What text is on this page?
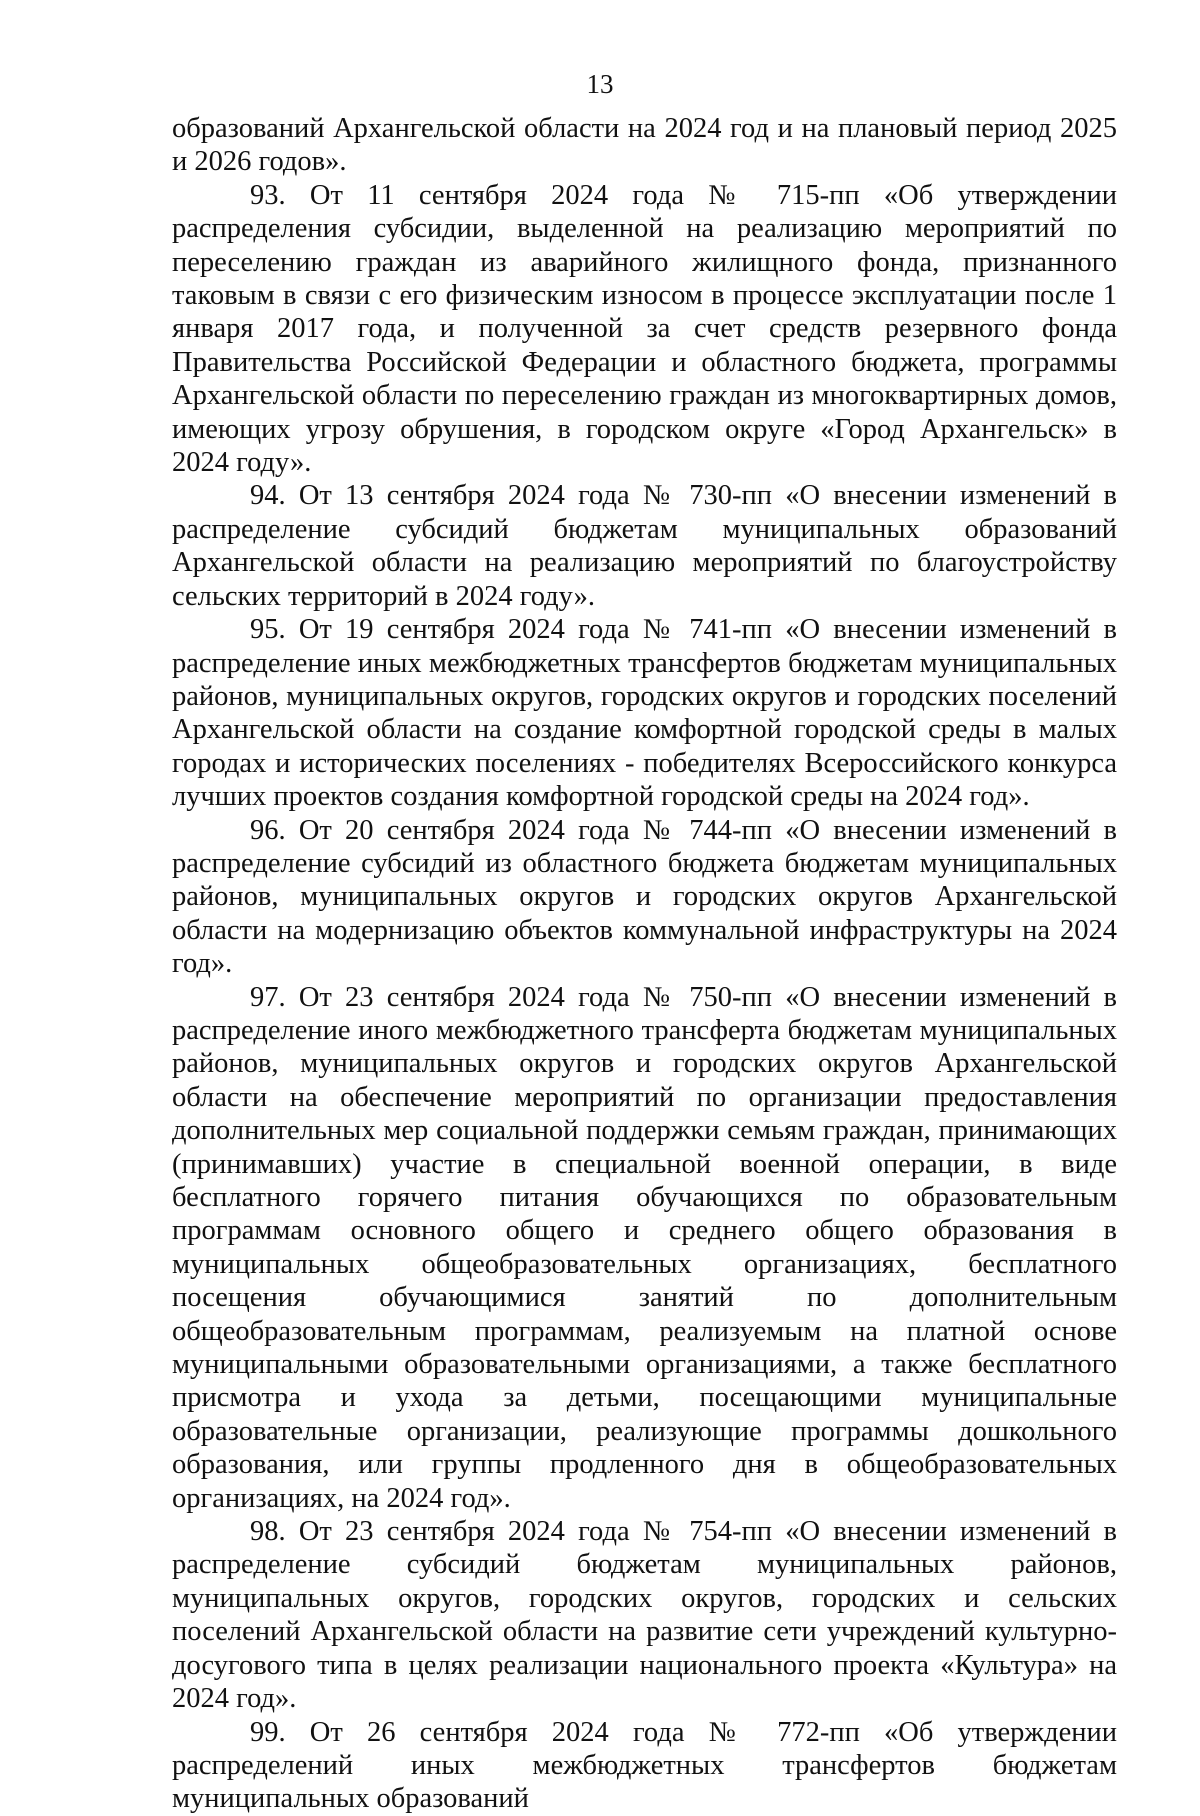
13

образований Архангельской области на 2024 год и на плановый период 2025 и 2026 годов».

93. От 11 сентября 2024 года № 715-пп «Об утверждении распределения субсидии, выделенной на реализацию мероприятий по переселению граждан из аварийного жилищного фонда, признанного таковым в связи с его физическим износом в процессе эксплуатации после 1 января 2017 года, и полученной за счет средств резервного фонда Правительства Российской Федерации и областного бюджета, программы Архангельской области по переселению граждан из многоквартирных домов, имеющих угрозу обрушения, в городском округе «Город Архангельск» в 2024 году».

94. От 13 сентября 2024 года № 730-пп «О внесении изменений в распределение субсидий бюджетам муниципальных образований Архангельской области на реализацию мероприятий по благоустройству сельских территорий в 2024 году».

95. От 19 сентября 2024 года № 741-пп «О внесении изменений в распределение иных межбюджетных трансфертов бюджетам муниципальных районов, муниципальных округов, городских округов и городских поселений Архангельской области на создание комфортной городской среды в малых городах и исторических поселениях - победителях Всероссийского конкурса лучших проектов создания комфортной городской среды на 2024 год».

96. От 20 сентября 2024 года № 744-пп «О внесении изменений в распределение субсидий из областного бюджета бюджетам муниципальных районов, муниципальных округов и городских округов Архангельской области на модернизацию объектов коммунальной инфраструктуры на 2024 год».

97. От 23 сентября 2024 года № 750-пп «О внесении изменений в распределение иного межбюджетного трансферта бюджетам муниципальных районов, муниципальных округов и городских округов Архангельской области на обеспечение мероприятий по организации предоставления дополнительных мер социальной поддержки семьям граждан, принимающих (принимавших) участие в специальной военной операции, в виде бесплатного горячего питания обучающихся по образовательным программам основного общего и среднего общего образования в муниципальных общеобразовательных организациях, бесплатного посещения обучающимися занятий по дополнительным общеобразовательным программам, реализуемым на платной основе муниципальными образовательными организациями, а также бесплатного присмотра и ухода за детьми, посещающими муниципальные образовательные организации, реализующие программы дошкольного образования, или группы продленного дня в общеобразовательных организациях, на 2024 год».

98. От 23 сентября 2024 года № 754-пп «О внесении изменений в распределение субсидий бюджетам муниципальных районов, муниципальных округов, городских округов, городских и сельских поселений Архангельской области на развитие сети учреждений культурно-досугового типа в целях реализации национального проекта «Культура» на 2024 год».

99. От 26 сентября 2024 года № 772-пп «Об утверждении распределений иных межбюджетных трансфертов бюджетам муниципальных образований
